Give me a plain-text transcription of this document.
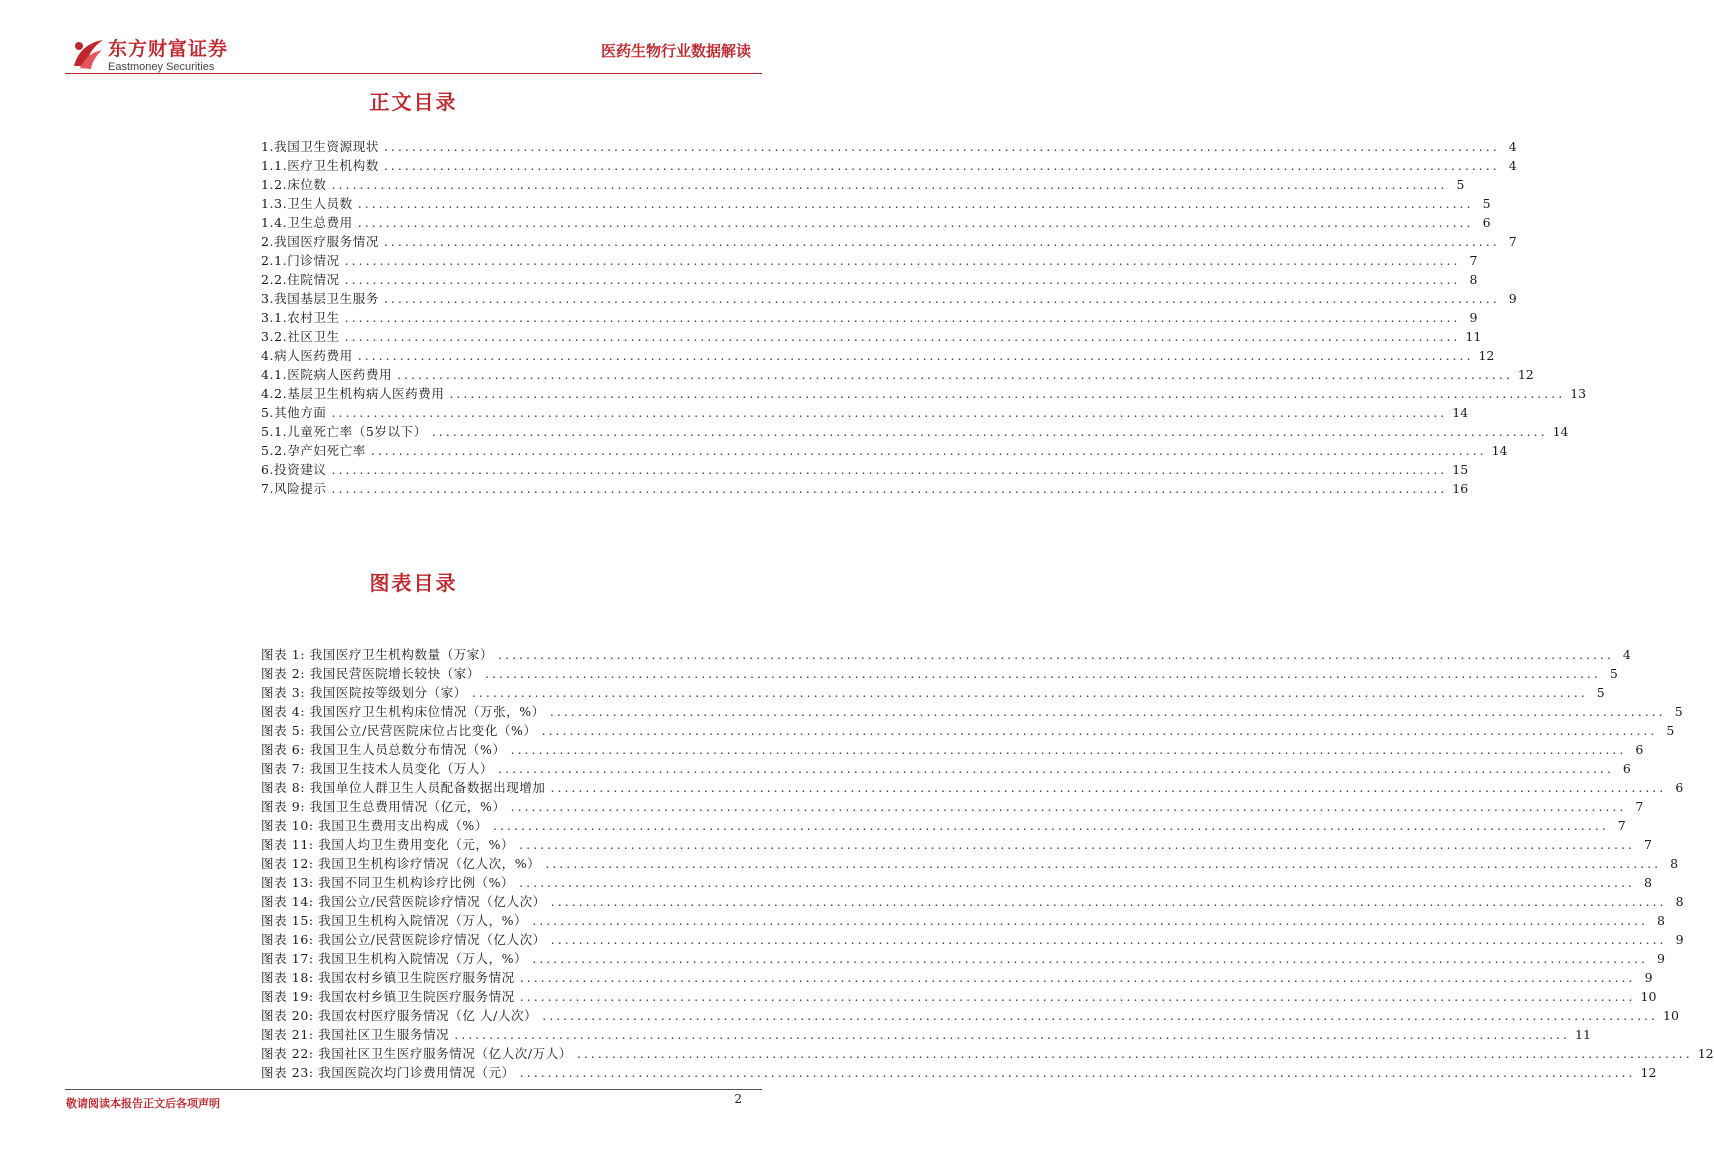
东方财富证券
Eastmoney Securities
医药生物行业数据解读
正文目录
1.我国卫生资源现状 ................................................................................................................................................................ 4
1.1.医疗卫生机构数 ................................................................................................................................................................ 4
1.2.床位数 ................................................................................................................................................................ 5
1.3.卫生人员数 ................................................................................................................................................................ 5
1.4.卫生总费用 ................................................................................................................................................................ 6
2.我国医疗服务情况 ................................................................................................................................................................ 7
2.1.门诊情况 ................................................................................................................................................................ 7
2.2.住院情况 ................................................................................................................................................................ 8
3.我国基层卫生服务 ................................................................................................................................................................ 9
3.1.农村卫生 ................................................................................................................................................................ 9
3.2.社区卫生 ................................................................................................................................................................ 11
4.病人医药费用 ................................................................................................................................................................ 12
4.1.医院病人医药费用 ................................................................................................................................................................ 12
4.2.基层卫生机构病人医药费用 ................................................................................................................................................................ 13
5.其他方面 ................................................................................................................................................................ 14
5.1.儿童死亡率（5岁以下） ................................................................................................................................................................ 14
5.2.孕产妇死亡率 ................................................................................................................................................................ 14
6.投资建议 ................................................................................................................................................................ 15
7.风险提示 ................................................................................................................................................................ 16
图表目录
图表 1: 我国医疗卫生机构数量（万家） ................................................................................................................................................................ 4
图表 2: 我国民营医院增长较快（家） ................................................................................................................................................................ 5
图表 3: 我国医院按等级划分（家） ................................................................................................................................................................ 5
图表 4: 我国医疗卫生机构床位情况（万张，%） ................................................................................................................................................................ 5
图表 5: 我国公立/民营医院床位占比变化（%） ................................................................................................................................................................ 5
图表 6: 我国卫生人员总数分布情况（%） ................................................................................................................................................................ 6
图表 7: 我国卫生技术人员变化（万人） ................................................................................................................................................................ 6
图表 8: 我国单位人群卫生人员配备数据出现增加 ................................................................................................................................................................ 6
图表 9: 我国卫生总费用情况（亿元，%） ................................................................................................................................................................ 7
图表 10: 我国卫生费用支出构成（%） ................................................................................................................................................................ 7
图表 11: 我国人均卫生费用变化（元，%） ................................................................................................................................................................ 7
图表 12: 我国卫生机构诊疗情况（亿人次，%） ................................................................................................................................................................ 8
图表 13: 我国不同卫生机构诊疗比例（%） ................................................................................................................................................................ 8
图表 14: 我国公立/民营医院诊疗情况（亿人次） ................................................................................................................................................................ 8
图表 15: 我国卫生机构入院情况（万人，%） ................................................................................................................................................................ 8
图表 16: 我国公立/民营医院诊疗情况（亿人次） ................................................................................................................................................................ 9
图表 17: 我国卫生机构入院情况（万人，%） ................................................................................................................................................................ 9
图表 18: 我国农村乡镇卫生院医疗服务情况 ................................................................................................................................................................ 9
图表 19: 我国农村乡镇卫生院医疗服务情况 ................................................................................................................................................................ 10
图表 20: 我国农村医疗服务情况（亿 人/人次） ................................................................................................................................................................ 10
图表 21: 我国社区卫生服务情况 ................................................................................................................................................................ 11
图表 22: 我国社区卫生医疗服务情况（亿人次/万人） ................................................................................................................................................................ 12
图表 23: 我国医院次均门诊费用情况（元） ................................................................................................................................................................ 12
敬请阅读本报告正文后各项声明	2
